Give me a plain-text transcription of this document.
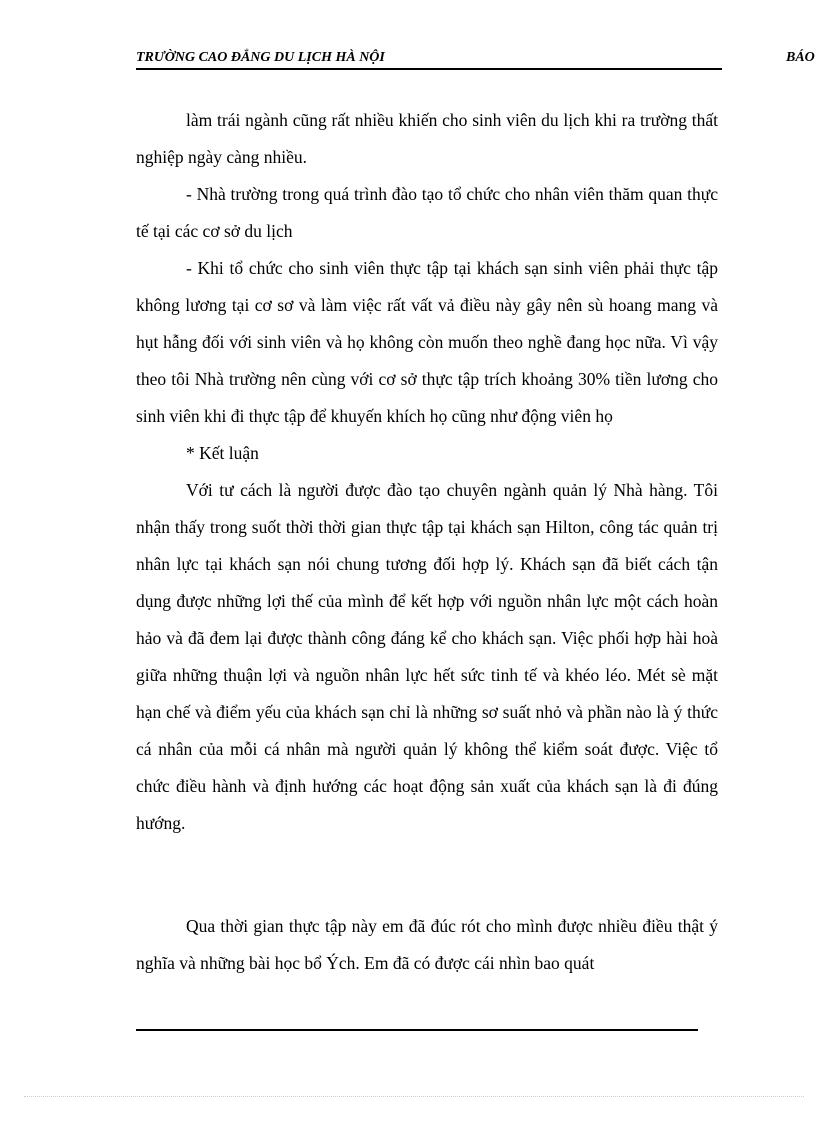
TRƯỜNG CAO ĐẲNG DU LỊCH HÀ NỘI	BÁO

làm trái ngành cũng rất nhiều khiến cho sinh viên du lịch khi ra trường thất nghiệp ngày càng nhiều.

- Nhà trường trong quá trình đào tạo tổ chức cho nhân viên thăm quan thực tế tại các cơ sở du lịch

- Khi tổ chức cho sinh viên thực tập tại khách sạn sinh viên phải thực tập không lương tại cơ sơ và làm việc rất vất vả điều này gây nên sù hoang mang và hụt hẫng đối với sinh viên và họ không còn muốn theo nghề đang học nữa. Vì vậy theo tôi Nhà trường nên cùng với cơ sở thực tập trích khoảng 30% tiền lương cho sinh viên khi đi thực tập để khuyến khích họ cũng như động viên họ

* Kết luận

Với tư cách là người được đào tạo chuyên ngành quản lý Nhà hàng. Tôi nhận thấy trong suốt thời thời gian thực tập tại khách sạn Hilton, công tác quản trị nhân lực tại khách sạn nói chung tương đối hợp lý. Khách sạn đã biết cách tận dụng được những lợi thế của mình để kết hợp với nguồn nhân lực một cách hoàn hảo và đã đem lại được thành công đáng kể cho khách sạn. Việc phối hợp hài hoà giữa những thuận lợi và nguồn nhân lực hết sức tinh tế và khéo léo. Mét sè mặt hạn chế và điểm yếu của khách sạn chỉ là những sơ suất nhỏ và phần nào là ý thức cá nhân của mỗi cá nhân mà người quản lý không thể kiểm soát được. Việc tổ chức điều hành và định hướng các hoạt động sản xuất của khách sạn là đi đúng hướng.

Qua thời gian thực tập này em đã đúc rót cho mình được nhiều điều thật ý nghĩa và những bài học bổ Ých. Em đã có được cái nhìn bao quát
